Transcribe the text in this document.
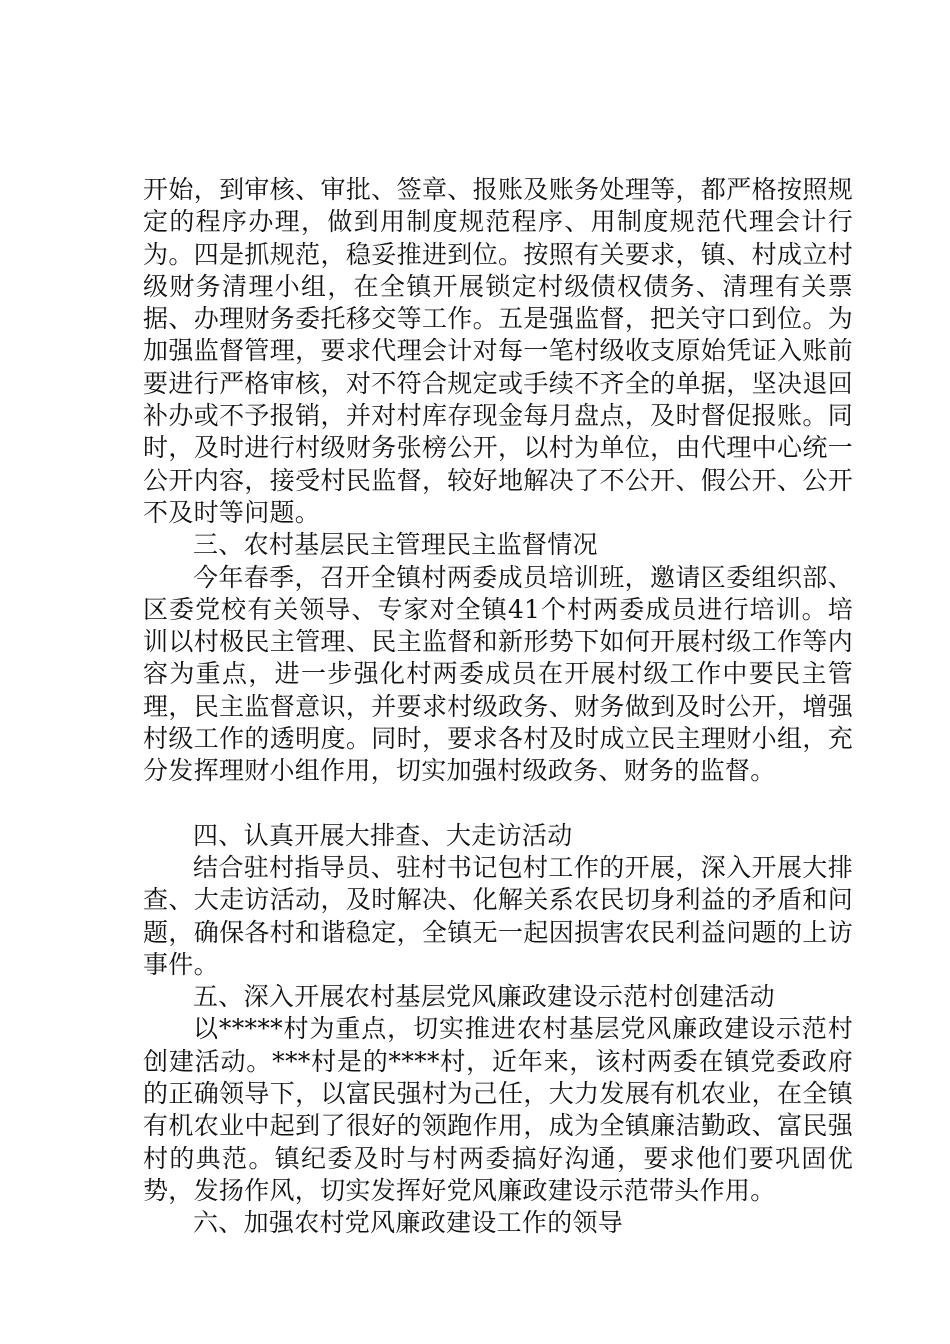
开始，到审核、审批、签章、报账及账务处理等，都严格按照规定的程序办理，做到用制度规范程序、用制度规范代理会计行为。四是抓规范，稳妥推进到位。按照有关要求，镇、村成立村级财务清理小组，在全镇开展锁定村级债权债务、清理有关票据、办理财务委托移交等工作。五是强监督，把关守口到位。为加强监督管理，要求代理会计对每一笔村级收支原始凭证入账前要进行严格审核，对不符合规定或手续不齐全的单据，坚决退回补办或不予报销，并对村库存现金每月盘点，及时督促报账。同时，及时进行村级财务张榜公开，以村为单位，由代理中心统一公开内容，接受村民监督，较好地解决了不公开、假公开、公开不及时等问题。

三、农村基层民主管理民主监督情况

今年春季，召开全镇村两委成员培训班，邀请区委组织部、区委党校有关领导、专家对全镇41个村两委成员进行培训。培训以村极民主管理、民主监督和新形势下如何开展村级工作等内容为重点，进一步强化村两委成员在开展村级工作中要民主管理，民主监督意识，并要求村级政务、财务做到及时公开，增强村级工作的透明度。同时，要求各村及时成立民主理财小组，充分发挥理财小组作用，切实加强村级政务、财务的监督。

四、认真开展大排查、大走访活动

结合驻村指导员、驻村书记包村工作的开展，深入开展大排查、大走访活动，及时解决、化解关系农民切身利益的矛盾和问题，确保各村和谐稳定，全镇无一起因损害农民利益问题的上访事件。

五、深入开展农村基层党风廉政建设示范村创建活动

以*****村为重点，切实推进农村基层党风廉政建设示范村创建活动。***村是的****村，近年来，该村两委在镇党委政府的正确领导下，以富民强村为己任，大力发展有机农业，在全镇有机农业中起到了很好的领跑作用，成为全镇廉洁勤政、富民强村的典范。镇纪委及时与村两委搞好沟通，要求他们要巩固优势，发扬作风，切实发挥好党风廉政建设示范带头作用。

六、加强农村党风廉政建设工作的领导
